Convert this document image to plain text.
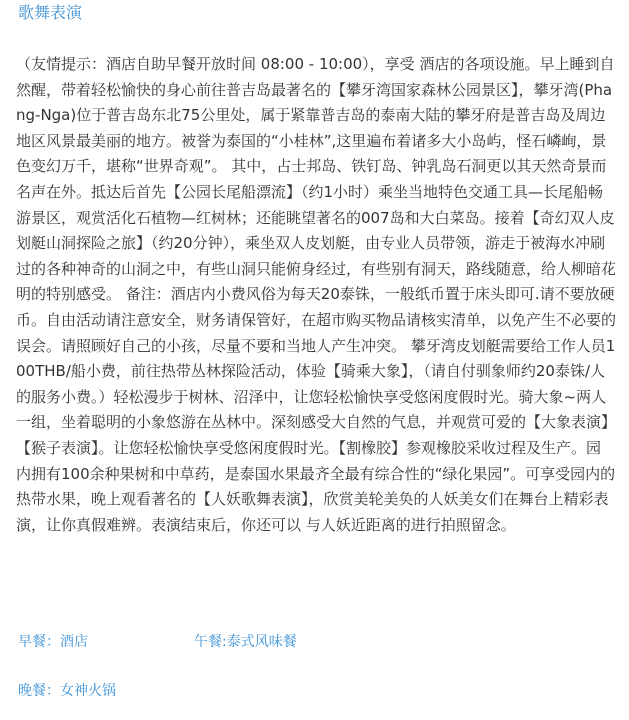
歌舞表演

（友情提示：酒店自助早餐开放时间 08:00 - 10:00），享受 酒店的各项设施。早上睡到自然醒，带着轻松愉快的身心前往普吉岛最著名的【攀牙湾国家森林公园景区】，攀牙湾(Phang-Nga)位于普吉岛东北75公里处，属于紧靠普吉岛的泰南大陆的攀牙府是普吉岛及周边地区风景最美丽的地方。被誉为泰国的“小桂林”,这里遍布着诸多大小岛屿，怪石嶙峋，景色变幻万千，堪称“世界奇观”。 其中，占士邦岛、铁钉岛、钟乳岛石洞更以其天然奇景而名声在外。抵达后首先【公园长尾船漂流】（约1小时）乘坐当地特色交通工具—长尾船畅游景区，观赏活化石植物—红树林；还能眺望著名的007岛和大白菜岛。接着【奇幻双人皮划艇山洞探险之旅】（约20分钟），乘坐双人皮划艇，由专业人员带领，游走于被海水冲刷过的各种神奇的山洞之中，有些山洞只能俯身经过，有些别有洞天，路线随意，给人柳暗花明的特别感受。 备注：酒店内小费风俗为每天20泰铢，一般纸币置于床头即可.请不要放硬币。自由活动请注意安全，财务请保管好，在超市购买物品请核实清单，以免产生不必要的误会。请照顾好自己的小孩，尽量不要和当地人产生冲突。 攀牙湾皮划艇需要给工作人员100THB/船小费，前往热带丛林探险活动，体验【骑乘大象】，（请自付驯象师约20泰铢/人 的服务小费。）轻松漫步于树林、沼泽中，让您轻松愉快享受悠闲度假时光。骑大象~两人一组，坐着聪明的小象悠游在丛林中。深刻感受大自然的气息，并观赏可爱的【大象表演】【猴子表演】。让您轻松愉快享受悠闲度假时光。【割橡胶】参观橡胶采收过程及生产。园内拥有100余种果树和中草药，是泰国水果最齐全最有综合性的“绿化果园”。可享受园内的热带水果，晚上观看著名的【人妖歌舞表演】，欣赏美轮美奂的人妖美女们在舞台上精彩表演，让你真假难辨。表演结束后，你还可以 与人妖近距离的进行拍照留念。

早餐：酒店	午餐:泰式风味餐
晚餐：女神火锅
